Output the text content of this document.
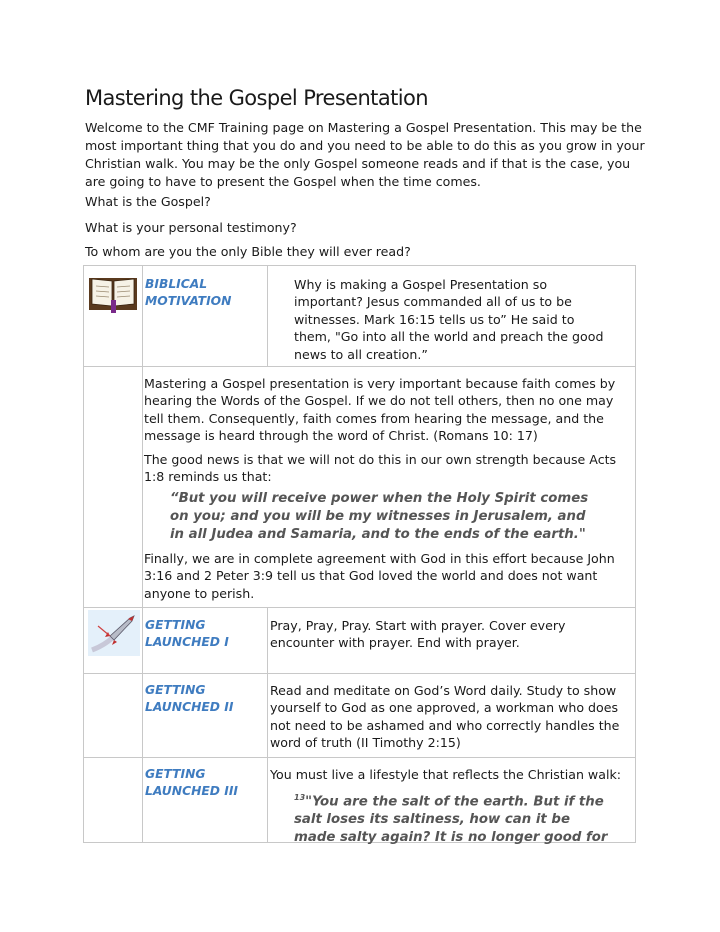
Mastering the Gospel Presentation

Welcome to the CMF Training page on Mastering a Gospel Presentation. This may be the most important thing that you do and you need to be able to do this as you grow in your Christian walk. You may be the only Gospel someone reads and if that is the case, you are going to have to present the Gospel when the time comes.

What is the Gospel?

What is your personal testimony?

To whom are you the only Bible they will ever read?

BIBLICAL
MOTIVATION

Why is making a Gospel Presentation so important? Jesus commanded all of us to be witnesses. Mark 16:15 tells us to” He said to them, "Go into all the world and preach the good news to all creation.”

Mastering a Gospel presentation is very important because faith comes by hearing the Words of the Gospel. If we do not tell others, then no one may tell them. Consequently, faith comes from hearing the message, and the message is heard through the word of Christ. (Romans 10: 17)

The good news is that we will not do this in our own strength because Acts 1:8 reminds us that:

“But you will receive power when the Holy Spirit comes on you; and you will be my witnesses in Jerusalem, and in all Judea and Samaria, and to the ends of the earth."

Finally, we are in complete agreement with God in this effort because John 3:16 and 2 Peter 3:9 tell us that God loved the world and does not want anyone to perish.

GETTING
LAUNCHED I

Pray, Pray, Pray. Start with prayer. Cover every encounter with prayer. End with prayer.

GETTING
LAUNCHED II

Read and meditate on God’s Word daily. Study to show yourself to God as one approved, a workman who does not need to be ashamed and who correctly handles the word of truth (II Timothy 2:15)

GETTING
LAUNCHED III

You must live a lifestyle that reflects the Christian walk:

$^{13}$"You are the salt of the earth. But if the salt loses its saltiness, how can it be made salty again? It is no longer good for
